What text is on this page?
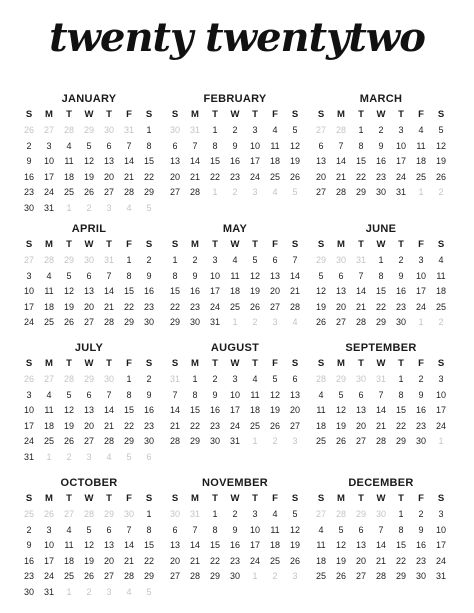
twenty twentytwo
JANUARY
S	M	T	W	T	F	S
26	27	28	29	30	31	1
2	3	4	5	6	7	8
9	10	11	12	13	14	15
16	17	18	19	20	21	22
23	24	25	26	27	28	29
30	31	1	2	3	4	5
FEBRUARY
S	M	T	W	T	F	S
30	31	1	2	3	4	5
6	7	8	9	10	11	12
13	14	15	16	17	18	19
20	21	22	23	24	25	26
27	28	1	2	3	4	5
MARCH
S	M	T	W	T	F	S
27	28	1	2	3	4	5
6	7	8	9	10	11	12
13	14	15	16	17	18	19
20	21	22	23	24	25	26
27	28	29	30	31	1	2
APRIL
S	M	T	W	T	F	S
27	28	29	30	31	1	2
3	4	5	6	7	8	9
10	11	12	13	14	15	16
17	18	19	20	21	22	23
24	25	26	27	28	29	30
MAY
S	M	T	W	T	F	S
1	2	3	4	5	6	7
8	9	10	11	12	13	14
15	16	17	18	19	20	21
22	23	24	25	26	27	28
29	30	31	1	2	3	4
JUNE
S	M	T	W	T	F	S
29	30	31	1	2	3	4
5	6	7	8	9	10	11
12	13	14	15	16	17	18
19	20	21	22	23	24	25
26	27	28	29	30	1	2
JULY
S	M	T	W	T	F	S
26	27	28	29	30	1	2
3	4	5	6	7	8	9
10	11	12	13	14	15	16
17	18	19	20	21	22	23
24	25	26	27	28	29	30
31	1	2	3	4	5	6
AUGUST
S	M	T	W	T	F	S
31	1	2	3	4	5	6
7	8	9	10	11	12	13
14	15	16	17	18	19	20
21	22	23	24	25	26	27
28	29	30	31	1	2	3
SEPTEMBER
S	M	T	W	T	F	S
28	29	30	31	1	2	3
4	5	6	7	8	9	10
11	12	13	14	15	16	17
18	19	20	21	22	23	24
25	26	27	28	29	30	1
OCTOBER
S	M	T	W	T	F	S
25	26	27	28	29	30	1
2	3	4	5	6	7	8
9	10	11	12	13	14	15
16	17	18	19	20	21	22
23	24	25	26	27	28	29
30	31	1	2	3	4	5
NOVEMBER
S	M	T	W	T	F	S
30	31	1	2	3	4	5
6	7	8	9	10	11	12
13	14	15	16	17	18	19
20	21	22	23	24	25	26
27	28	29	30	1	2	3
DECEMBER
S	M	T	W	T	F	S
27	28	29	30	1	2	3
4	5	6	7	8	9	10
11	12	13	14	15	16	17
18	19	20	21	22	23	24
25	26	27	28	29	30	31
